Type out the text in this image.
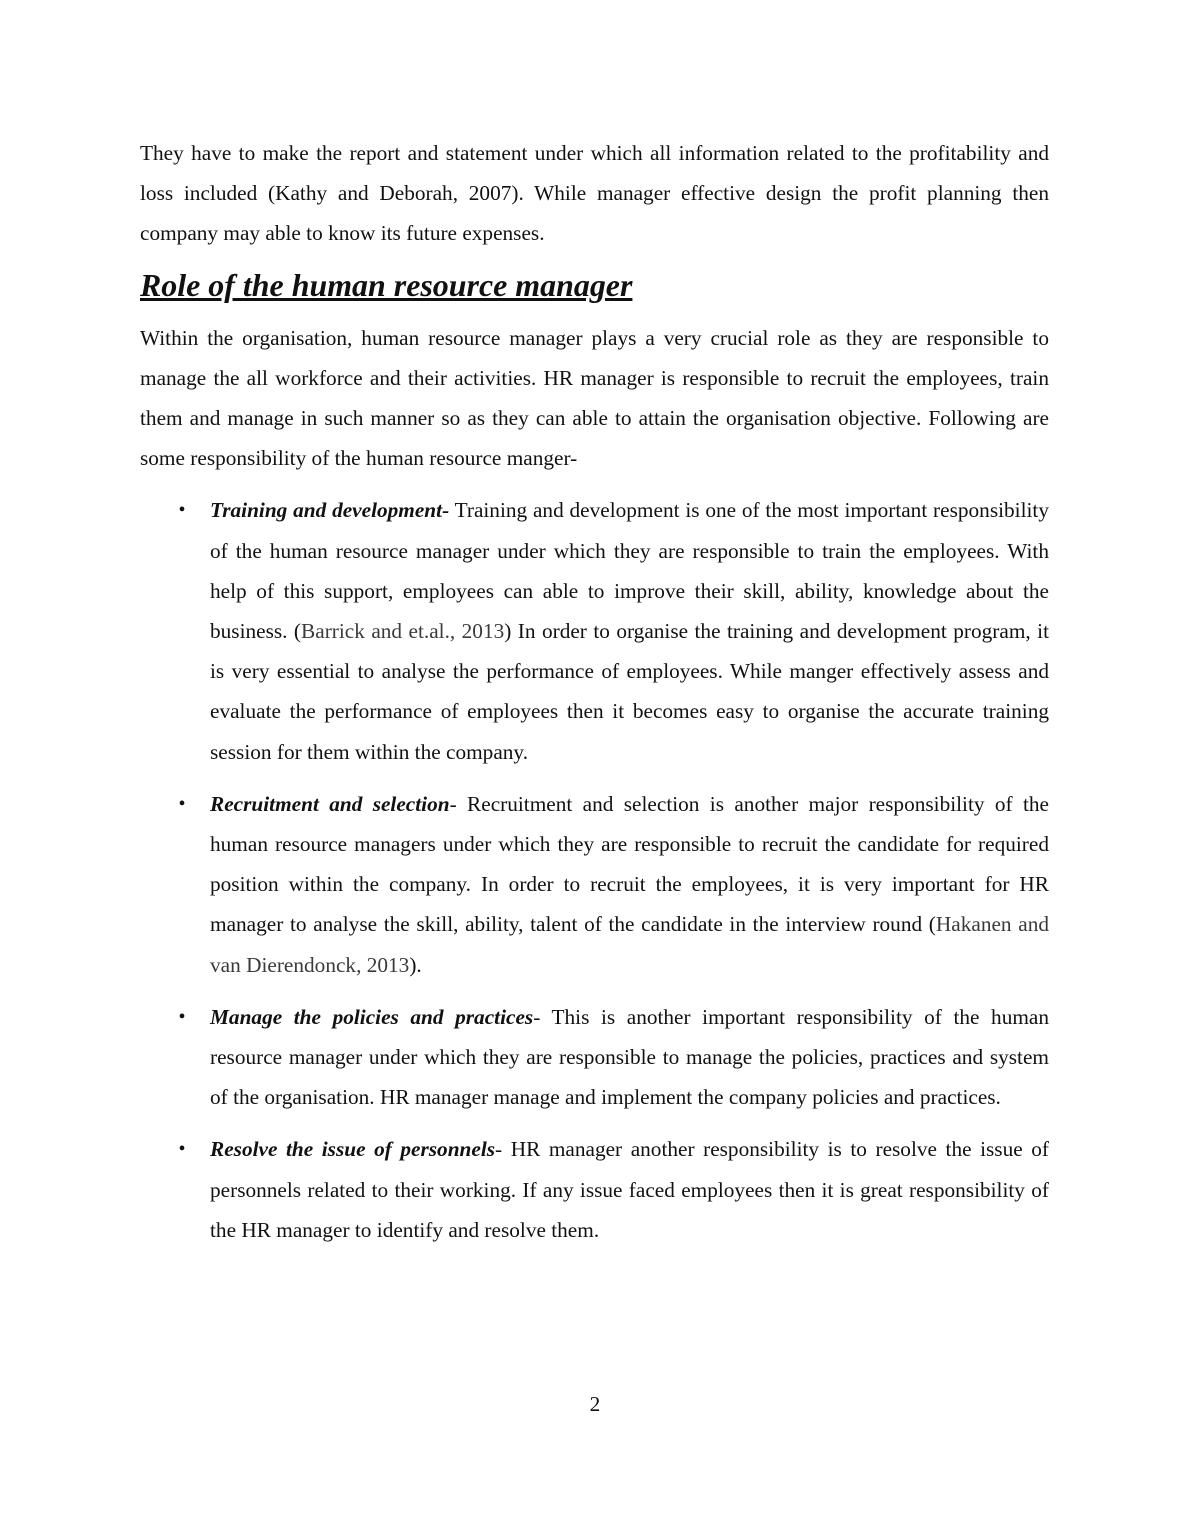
They have to make the report and statement under which all information related to the profitability and loss included (Kathy and Deborah, 2007). While manager effective design the profit planning then company may able to know its future expenses.

Role of the human resource manager

Within the organisation, human resource manager plays a very crucial role as they are responsible to manage the all workforce and their activities. HR manager is responsible to recruit the employees, train them and manage in such manner so as they can able to attain the organisation objective. Following are some responsibility of the human resource manger-

• Training and development- Training and development is one of the most important responsibility of the human resource manager under which they are responsible to train the employees. With help of this support, employees can able to improve their skill, ability, knowledge about the business. (Barrick and et.al., 2013) In order to organise the training and development program, it is very essential to analyse the performance of employees. While manger effectively assess and evaluate the performance of employees then it becomes easy to organise the accurate training session for them within the company.
• Recruitment and selection- Recruitment and selection is another major responsibility of the human resource managers under which they are responsible to recruit the candidate for required position within the company. In order to recruit the employees, it is very important for HR manager to analyse the skill, ability, talent of the candidate in the interview round (Hakanen and van Dierendonck, 2013).
• Manage the policies and practices- This is another important responsibility of the human resource manager under which they are responsible to manage the policies, practices and system of the organisation. HR manager manage and implement the company policies and practices.
• Resolve the issue of personnels- HR manager another responsibility is to resolve the issue of personnels related to their working. If any issue faced employees then it is great responsibility of the HR manager to identify and resolve them.
2
